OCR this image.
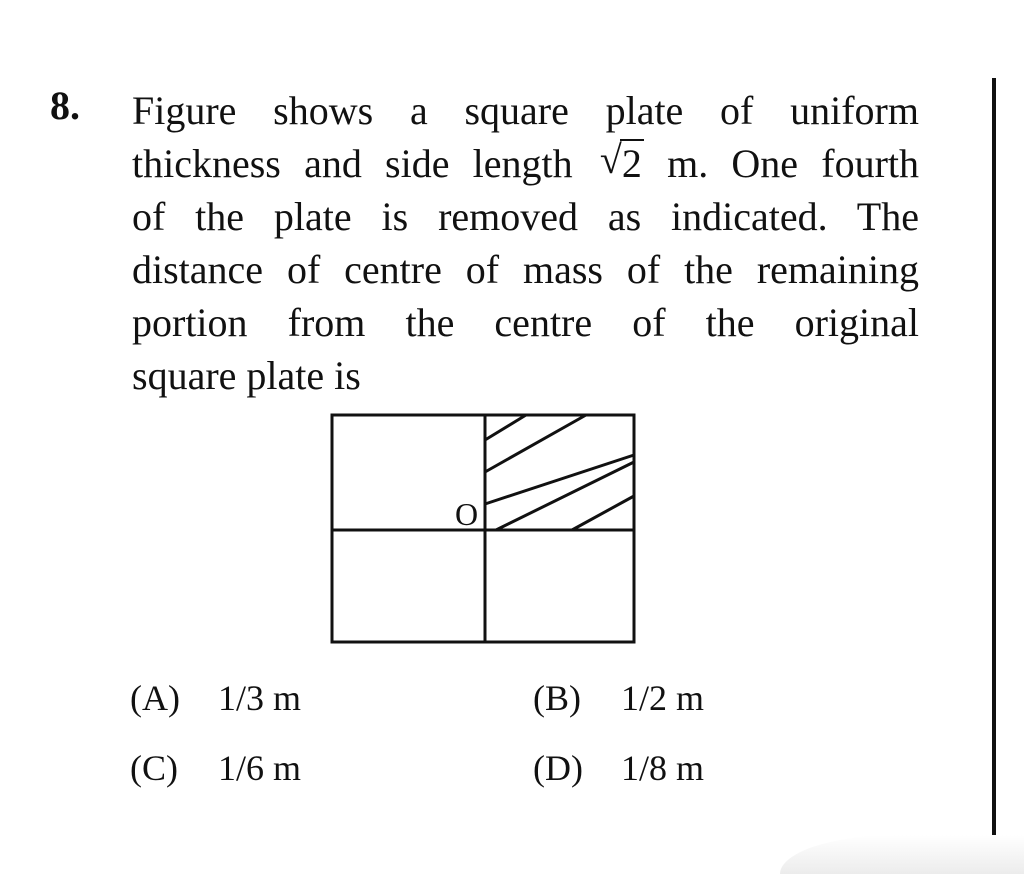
8. Figure shows a square plate of uniform
thickness and side length √ 2 m. One fourth
of the plate is removed as indicated. The
distance of centre of mass of the remaining
portion from the centre of the original
square plate is
O
(A) 1/3 m	(B) 1/2 m
(C) 1/6 m	(D) 1/8 m
